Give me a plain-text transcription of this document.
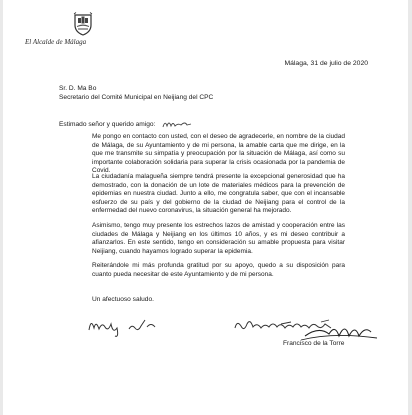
El Alcalde de Málaga
Málaga, 31 de julio de 2020
Sr. D. Ma Bo
Secretario del Comité Municipal en Neijiang del CPC
Estimado señor y querido amigo:

Me pongo en contacto con usted, con el deseo de agradecerle, en nombre de la ciudad de Málaga, de su Ayuntamiento y de mi persona, la amable carta que me dirige, en la que me transmite su simpatía y preocupación por la situación de Málaga, así como su importante colaboración solidaria para superar la crisis ocasionada por la pandemia de Covid.

La ciudadanía malagueña siempre tendrá presente la excepcional generosidad que ha demostrado, con la donación de un lote de materiales médicos para la prevención de epidemias en nuestra ciudad. Junto a ello, me congratula saber, que con el incansable esfuerzo de su país y del gobierno de la ciudad de Neijiang para el control de la enfermedad del nuevo coronavirus, la situación general ha mejorado.

Asimismo, tengo muy presente los estrechos lazos de amistad y cooperación entre las ciudades de Málaga y Neijiang en los últimos 10 años, y es mi deseo contribuir a afianzarlos. En este sentido, tengo en consideración su amable propuesta para visitar Neijiang, cuando hayamos logrado superar la epidemia.

Reiterándole mi más profunda gratitud por su apoyo, quedo a su disposición para cuanto pueda necesitar de este Ayuntamiento y de mi persona.

Un afectuoso saludo.
Francisco de la Torre
